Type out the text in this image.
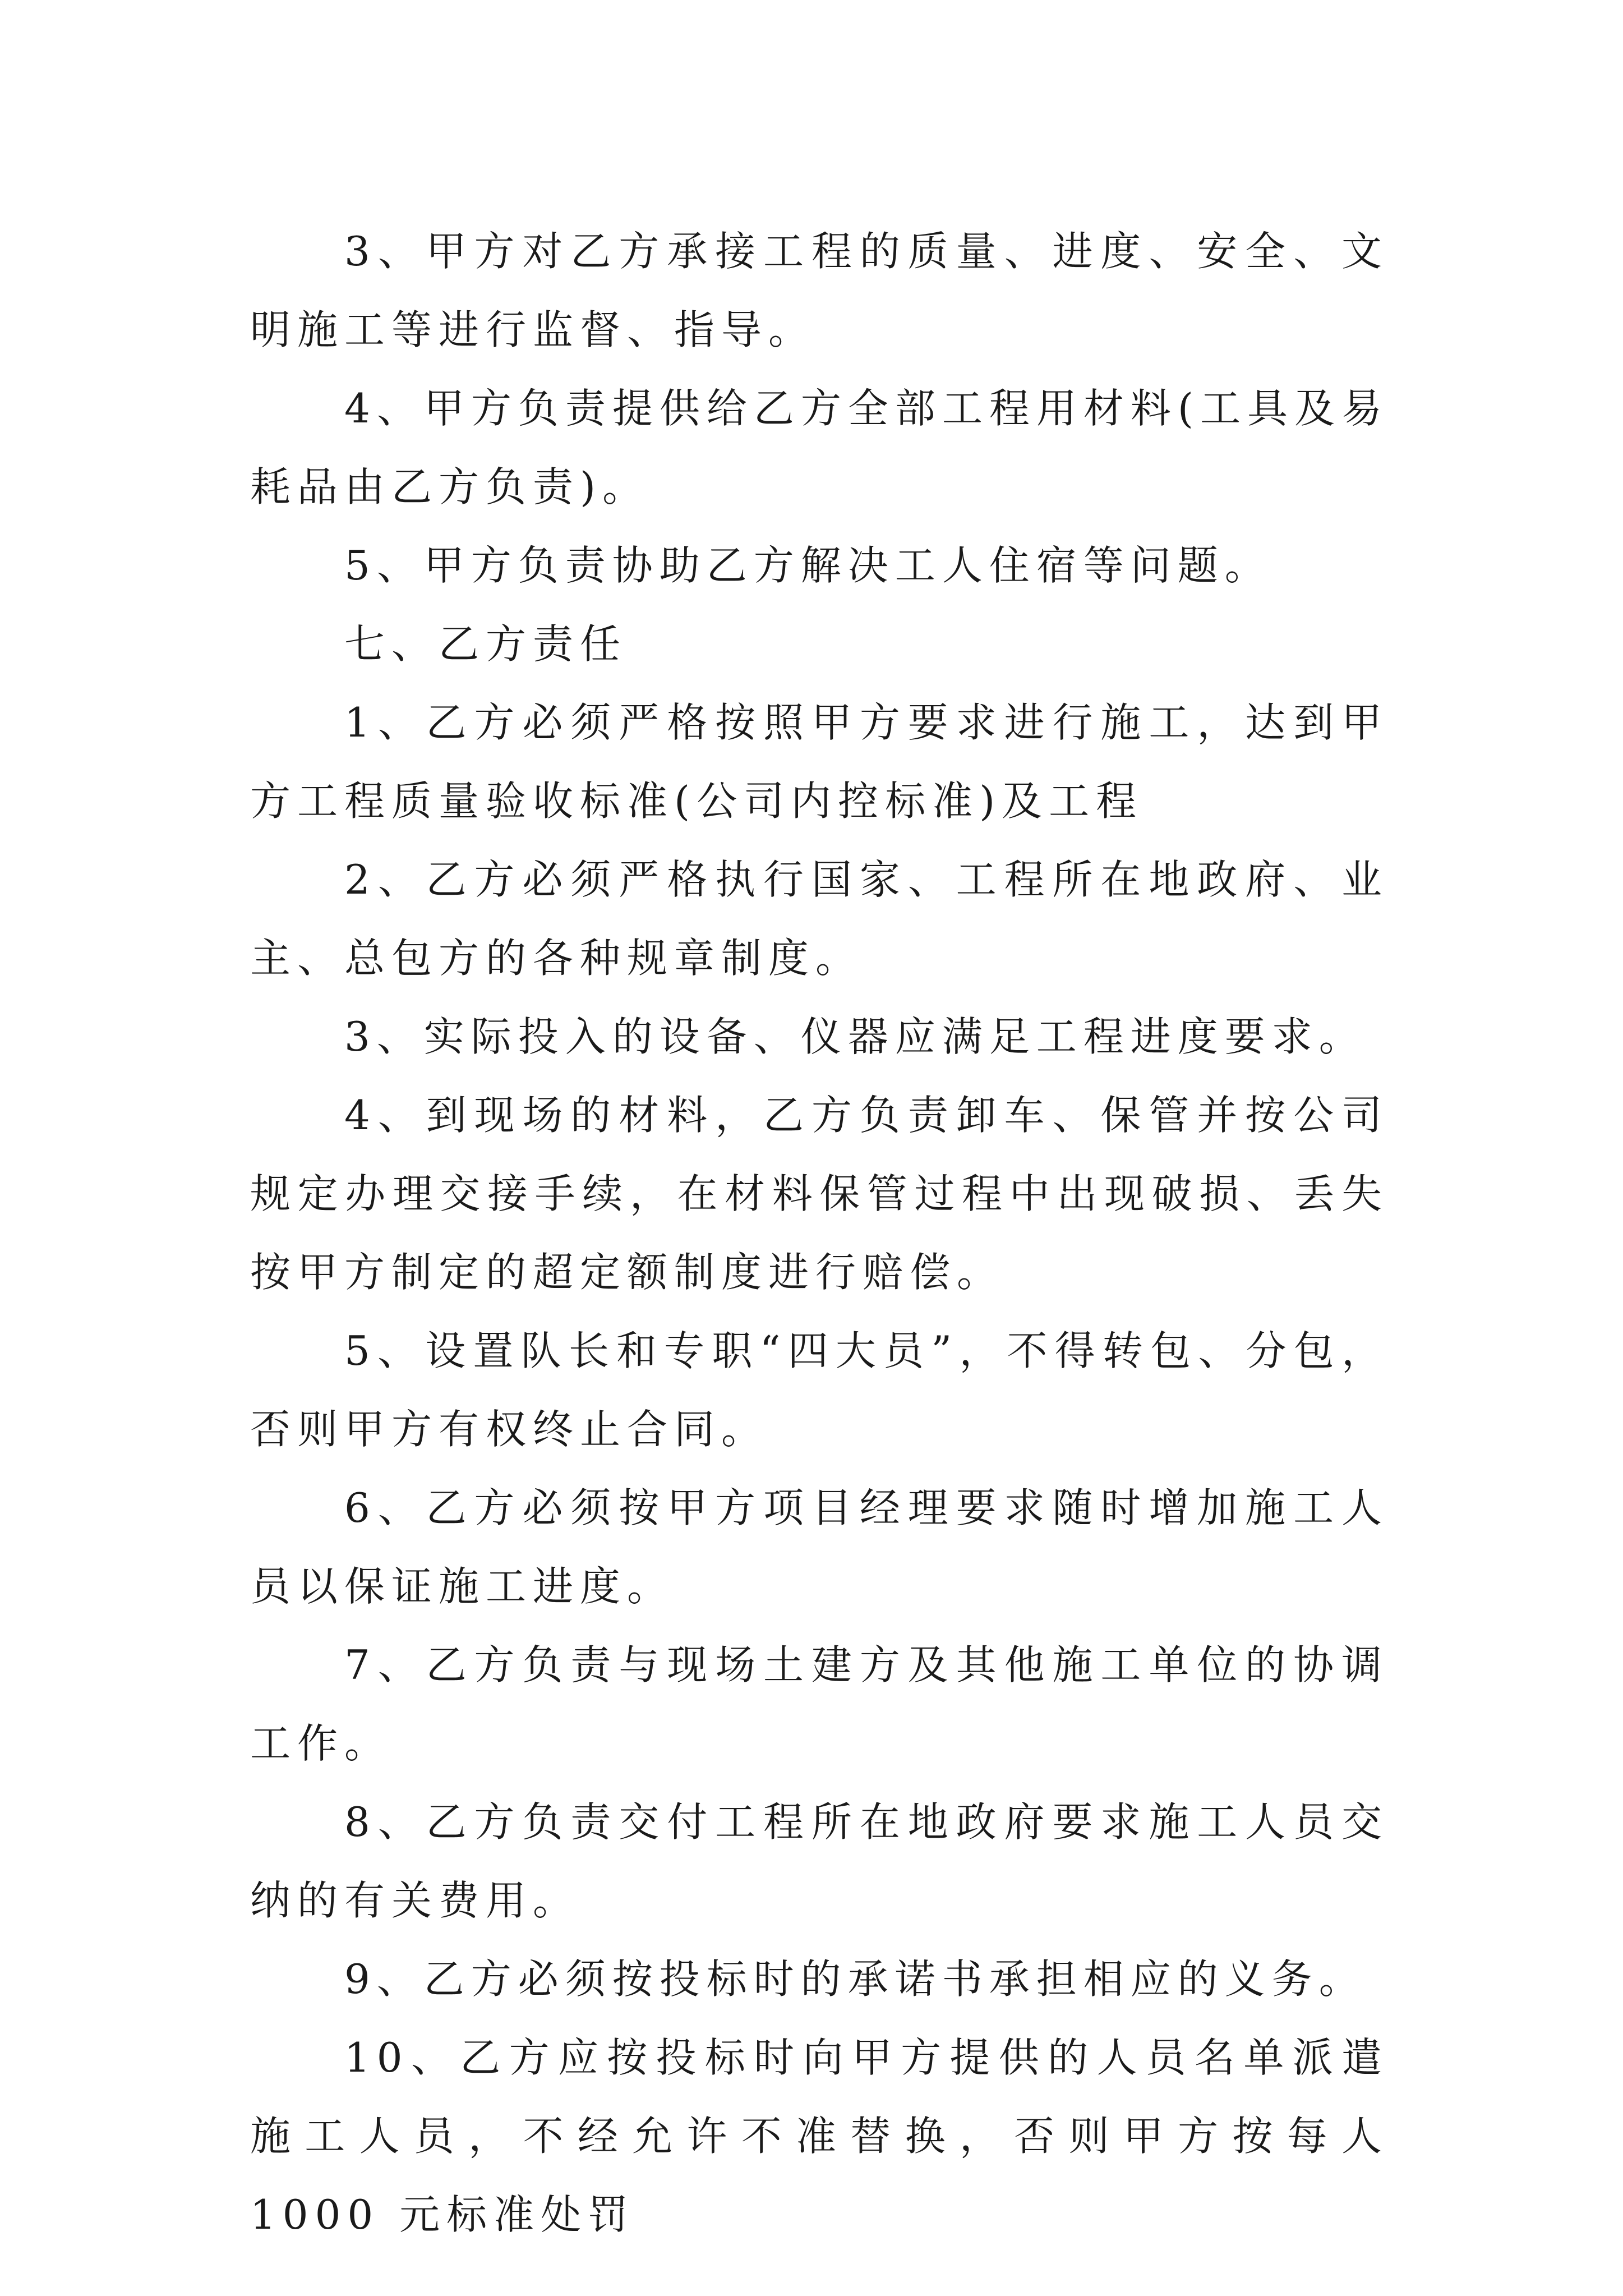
3、甲方对乙方承接工程的质量、进度、安全、文明施工等进行监督、指导。

4、甲方负责提供给乙方全部工程用材料(工具及易耗品由乙方负责)。

5、甲方负责协助乙方解决工人住宿等问题。

七、乙方责任

1、乙方必须严格按照甲方要求进行施工，达到甲方工程质量验收标准(公司内控标准)及工程

2、乙方必须严格执行国家、工程所在地政府、业主、总包方的各种规章制度。

3、实际投入的设备、仪器应满足工程进度要求。

4、到现场的材料，乙方负责卸车、保管并按公司规定办理交接手续，在材料保管过程中出现破损、丢失按甲方制定的超定额制度进行赔偿。

5、设置队长和专职“四大员”，不得转包、分包，否则甲方有权终止合同。

6、乙方必须按甲方项目经理要求随时增加施工人员以保证施工进度。

7、乙方负责与现场土建方及其他施工单位的协调工作。

8、乙方负责交付工程所在地政府要求施工人员交纳的有关费用。

9、乙方必须按投标时的承诺书承担相应的义务。

10、乙方应按投标时向甲方提供的人员名单派遣施工人员，不经允许不准替换，否则甲方按每人 1000 元标准处罚
